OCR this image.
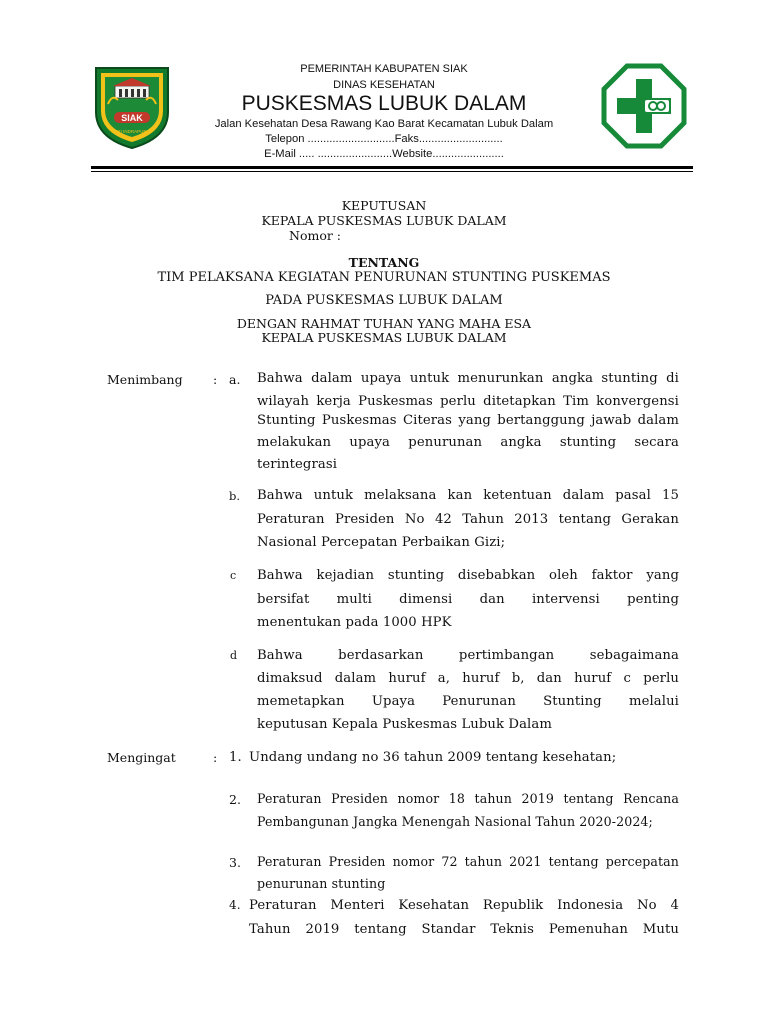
SIAK
SRI INDRAPURA
PEMERINTAH KABUPATEN SIAK
DINAS KESEHATAN
PUSKESMAS LUBUK DALAM
Jalan Kesehatan Desa Rawang Kao Barat Kecamatan Lubuk Dalam
Telepon ............................Faks...........................
E-Mail ..... ........................Website.......................
KEPUTUSAN
KEPALA PUSKESMAS LUBUK DALAM
Nomor :
TENTANG
TIM PELAKSANA KEGIATAN PENURUNAN STUNTING PUSKEMAS
PADA PUSKESMAS LUBUK DALAM
DENGAN RAHMAT TUHAN YANG MAHA ESA
KEPALA PUSKESMAS LUBUK DALAM
Menimbang : a. Bahwa dalam upaya untuk menurunkan angka stunting di
wilayah kerja Puskesmas perlu ditetapkan Tim konvergensi
Stunting Puskesmas Citeras yang bertanggung jawab dalam
melakukan upaya penurunan angka stunting secara
terintegrasi
b. Bahwa untuk melaksana kan ketentuan dalam pasal 15
Peraturan Presiden No 42 Tahun 2013 tentang Gerakan
Nasional Percepatan Perbaikan Gizi;
c Bahwa kejadian stunting disebabkan oleh faktor yang
bersifat multi dimensi dan intervensi penting
menentukan pada 1000 HPK
d Bahwa berdasarkan pertimbangan sebagaimana
dimaksud dalam huruf a, huruf b, dan huruf c perlu
memetapkan Upaya Penurunan Stunting melalui
keputusan Kepala Puskesmas Lubuk Dalam
Mengingat	: 1. Undang undang no 36 tahun 2009 tentang kesehatan;
2. Peraturan Presiden nomor 18 tahun 2019 tentang Rencana
Pembangunan Jangka Menengah Nasional Tahun 2020-2024;
3. Peraturan Presiden nomor 72 tahun 2021 tentang percepatan
penurunan stunting
4. Peraturan Menteri Kesehatan Republik Indonesia No 4
Tahun 2019 tentang Standar Teknis Pemenuhan Mutu
